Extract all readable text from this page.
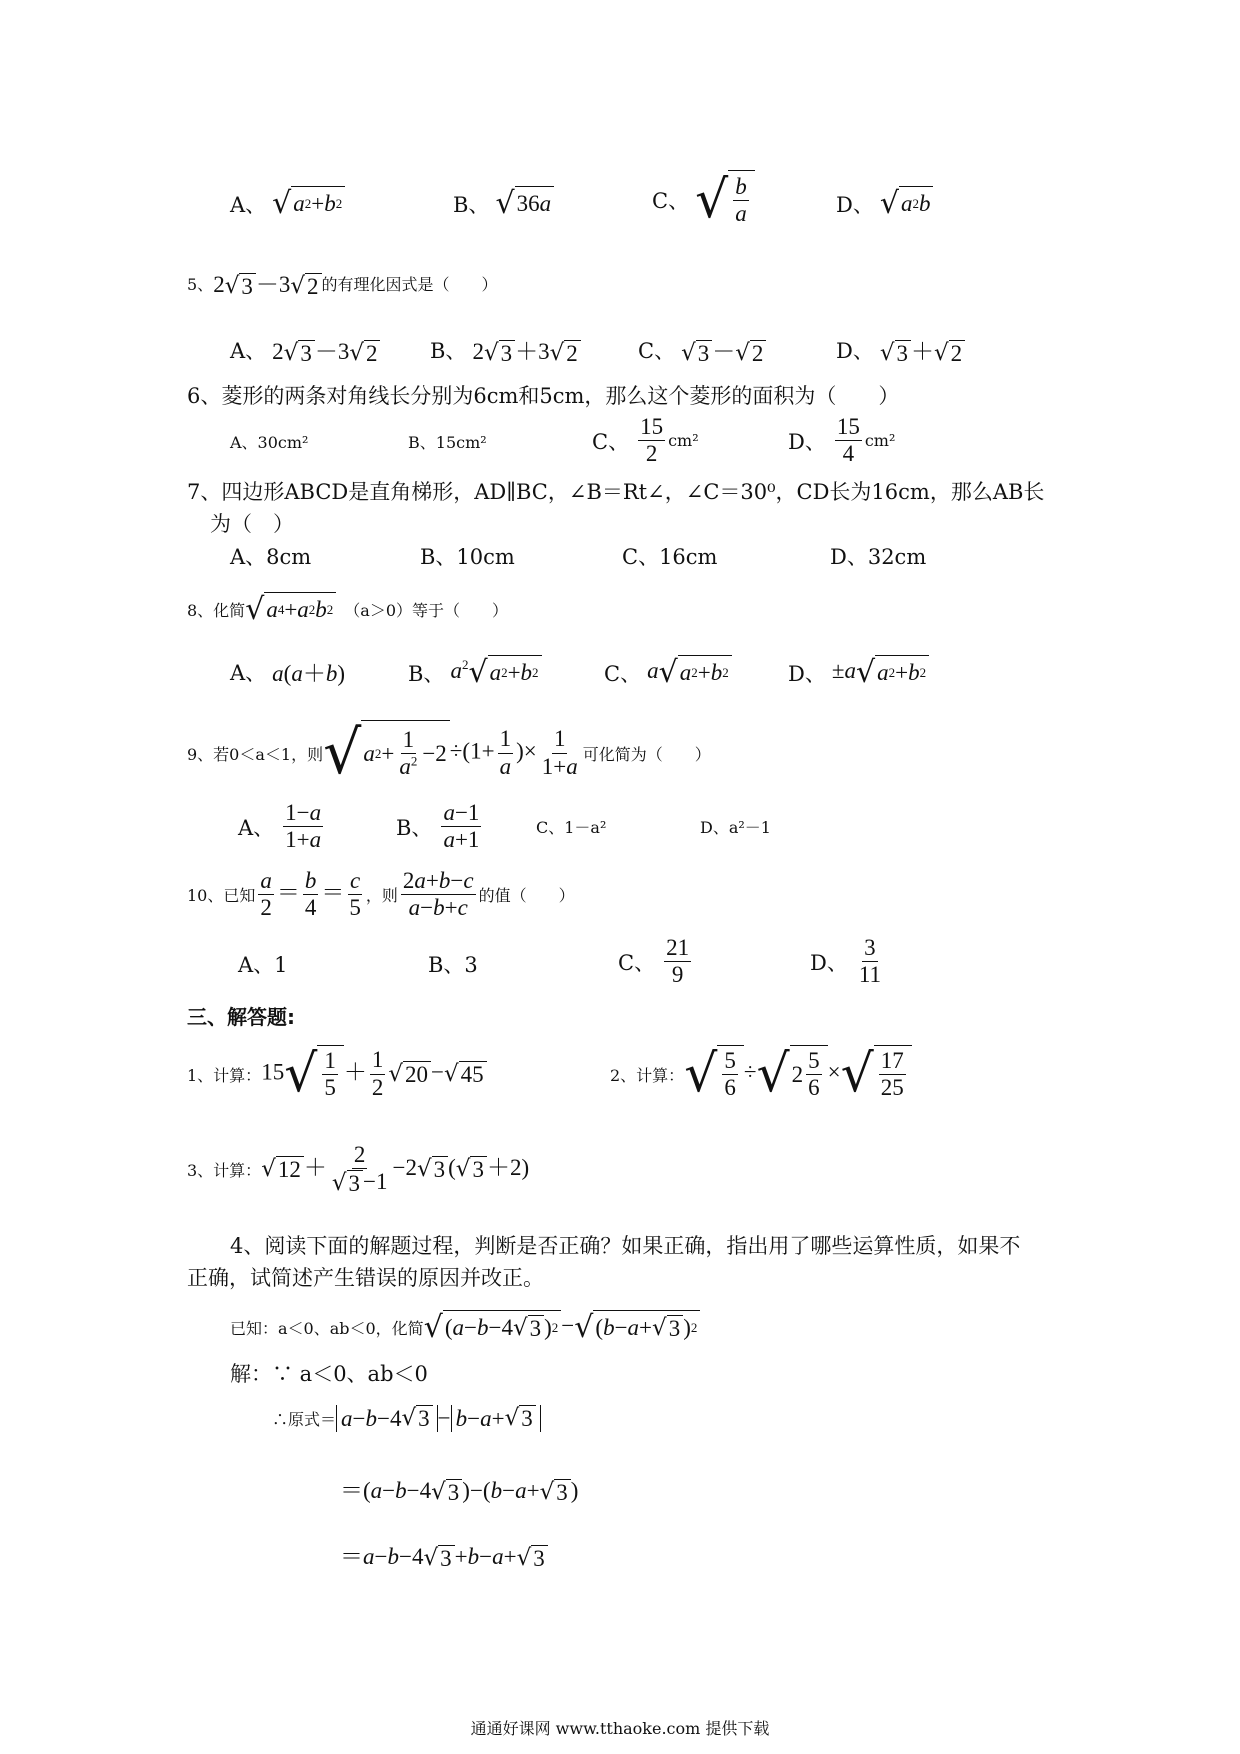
A、 √ a 2 + b 2	B、 √ 36 a	C、 √ $\frac{b}{a}$	D、 √ a 2 b
5、 2 √ 3 －3 √ 2 的有理化因式是（　　）
A、 2 √ 3 －3 √ 2	B、 2 √ 3 ＋3 √ 2	C、 √ 3 － √ 2	D、 √ 3 ＋ √ 2
6、菱形的两条对角线长分别为6cm和5cm，那么这个菱形的面积为（　　）
A、30cm²	B、15cm²	C、 $\frac{15}{2} cm^2$	D、 $\frac{15}{4} cm^2$
7、四边形ABCD是直角梯形，AD∥BC，∠B＝Rt∠，∠C＝30⁰，CD长为16cm，那么AB长
为（　）
A、8cm	B、10cm	C、16cm	D、32cm
8、化简 √ a 4 + a 2 b 2 （a＞0）等于（　　）
A、 a(a＋b)	B、 $a^2$ √ a 2 + b 2	C、 a √ a 2 + b 2	D、 ±a √ a 2 + b 2
9、若0＜a＜1，则 √ a $2 + \frac{1}{a^2} -2 \div(1+ \frac{1}{a}$ )× $\frac{1}{1+a}$ 可化简为（　　）
A、 $\frac{1-a}{1+a}$	B、 $\frac{a-1}{a+1}$	C、1－a²	D、a²－1
10、已知 $\frac{a}{2} = \frac{b}{4} = \frac{c}{5}$ ，则 $\frac{2a+b-c}{a-b+c}$ 的值（　　）
A、1	B、3	C、 $\frac{21}{9}$	D、 $\frac{3}{11}$
三、解答题:
1、计算： 15 √ $\frac{1}{5} + \frac{1}{2}$ √ 20 − √ 45	2、计算： √ $\frac{5}{6}$ ÷ √ $2 \frac{5}{6}$ × √ $\frac{17}{25}$
3、计算： √ $12 + \frac{2}{√ 3 -1} -2$ √ 3 ( √ 3 ＋2)
4、阅读下面的解题过程，判断是否正确？如果正确，指出用了哪些运算性质，如果不
正确，试简述产生错误的原因并改正。
已知：a＜0、ab＜0，化简 √ ( a − b −4 √ 3 ) 2 − √ ( b − a + √ 3 ) 2
解：∵ a＜0、ab＜0
∴原式＝ a − b −4 √ 3 − b − a + √ 3
＝(a−b−4 √ 3 )−(b−a+ √ 3 )
＝a−b−4 √ 3 +b−a+ √ 3
通通好课网 www.tthaoke.com 提供下载
